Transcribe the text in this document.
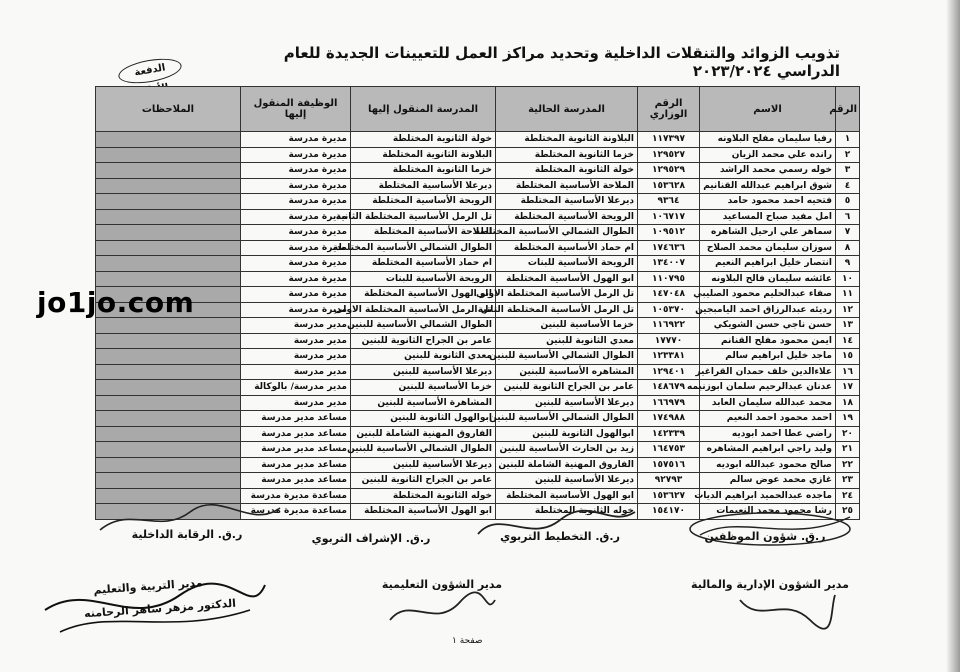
تذويب الزوائد والتنقلات الداخلية وتحديد مراكز العمل للتعيينات الجديدة للعام الدراسي ٢٠٢٣/٢٠٢٤
الدفعة
الرقم	الاسم	الرقم الوزاري	المدرسة الحالية	المدرسة المنقول إليها	الوظيفة المنقول إليها	الملاحظات
١	رفيا سليمان مفلح البلاونه	١١٧٣٩٧	البلاونة الثانوية المختلطة	خولة الثانوية المختلطة	مديرة مدرسة	
٢	رانده علي محمد الزيان	١٢٩٥٢٧	خزما الثانوية المختلطة	البلاونة الثانوية المختلطة	مديرة مدرسة	
٣	خوله رسمي محمد الراشد	١٢٩٥٢٩	خولة الثانوية المختلطة	خزما الثانوية المختلطة	مديرة مدرسة	
٤	شوق ابراهيم عبدالله القنانيم	١٥٣٦٢٨	الملاحة الأساسية المختلطة	ديرعلا الأساسية المختلطة	مديرة مدرسة	
٥	فتحيه احمد محمود حامد	٩٣٦٤	ديرعلا الأساسية المختلطة	الرويحة الأساسية المختلطة	مديرة مدرسة	
٦	امل مفيد صباح المساعيد	١٠٦٧١٧	الرويحة الأساسية المختلطة	تل الرمل الأساسية المختلطة الثانية	مديرة مدرسة	
٧	سماهر علي ارحيل الشاهره	١٠٩٥١٢	الطوال الشمالي الأساسية المختلطة	الملاحة الأساسية المختلطة	مديرة مدرسة	
٨	سوزان سليمان محمد الصلاح	١٧٤٦٣٦	ام حماد الأساسية المختلطة	الطوال الشمالي الأساسية المختلطة	مديرة مدرسة	
٩	انتصار خليل ابراهيم النعيم	١٣٤٠٠٧	الرويحة الأساسية للبنات	ام حماد الأساسية المختلطة	مديرة مدرسة	
١٠	عائشه سليمان فالح البلاونه	١١٠٧٩٥	ابو الهول الأساسية المختلطة	الرويحة الأساسية للبنات	مديرة مدرسة	
١١	صفاء عبدالحليم محمود الصليبي	١٤٧٠٤٨	تل الرمل الأساسية المختلطة الاولى	ابو الهول الأساسية المختلطة	مديرة مدرسة	
١٢	رديئه عبدالرزاق احمد اليامبجين	١٠٥٣٧٠	تل الرمل الأساسية المختلطة الثانية	تل الرمل الأساسية المختلطة الاولى	مديرة مدرسة	
١٣	حسن ناجي حسن الشويكي	١١٦٩٢٢	خزما الأساسية للبنين	الطوال الشمالي الأساسية للبنين	مدير مدرسة	
١٤	ايمن محمود مفلح القنانم	١٧٧٧٠	معدي الثانوية للبنين	عامر بن الجراح الثانوية للبنين	مدير مدرسة	
١٥	ماجد خليل ابراهيم سالم	١٢٣٣٨١	الطوال الشمالي الأساسية للبنين	معدي الثانوية للبنين	مدير مدرسة	
١٦	علاءالدين خلف حمدان القراغير	١٢٩٤٠١	المشاهره الأساسية للبنين	ديرعلا الأساسية للبنين	مدير مدرسة	
١٧	عدنان عبدالرحيم سلمان ابوزنيمه	١٤٨٦٧٩	عامر بن الجراح الثانوية للبنين	خزما الأساسية للبنين	مدير مدرسة/ بالوكالة	
١٨	محمد عبدالله سليمان العابد	١٦٦٩٧٩	ديرعلا الأساسية للبنين	المشاهرة الأساسية للبنين	مدير مدرسة	
١٩	احمد محمود احمد النعيم	١٧٤٩٨٨	الطوال الشمالي الأساسية للبنين	ابوالهول الثانوية للبنين	مساعد مدير مدرسة	
٢٠	راضي عطا احمد ابوديه	١٤٢٣٣٩	ابوالهول الثانوية للبنين	الفاروق المهنية الشاملة للبنين	مساعد مدير مدرسة	
٢١	وليد راجي ابراهيم المشاهره	١٦٤٧٥٣	زيد بن الحارث الأساسية للبنين	الطوال الشمالي الأساسية للبنين	مساعد مدير مدرسة	
٢٢	صالح محمود عبدالله ابوديه	١٥٧٥١٦	الفاروق المهنية الشاملة للبنين	ديرعلا الأساسية للبنين	مساعد مدير مدرسة	
٢٣	غازي محمد عوض سالم	٩٢٧٩٣	ديرعلا الأساسية للبنين	عامر بن الجراح الثانوية للبنين	مساعد مدير مدرسة	
٢٤	ماجده عبدالحميد ابراهيم الديات	١٥٣٦٢٧	ابو الهول الأساسية المختلطة	خوله الثانوية المختلطة	مساعدة مديرة مدرسة	
٢٥	رشا محمود محمد النعيمات	١٥٤١٧٠	خوله الثانوية المختلطة	ابو الهول الأساسية المختلطة	مساعدة مديرة مدرسة	
jo1jo.com
ر.ق. الرقابة الداخلية	ر.ق. الإشراف التربوي	ر.ق. التخطيط التربوي	ر.ق. شؤون الموظفين
مدير التربية والتعليم
الدكتور مزهر ساهر الرحامنه
مدير الشؤون التعليمية	مدير الشؤون الإدارية والمالية
صفحة ١
